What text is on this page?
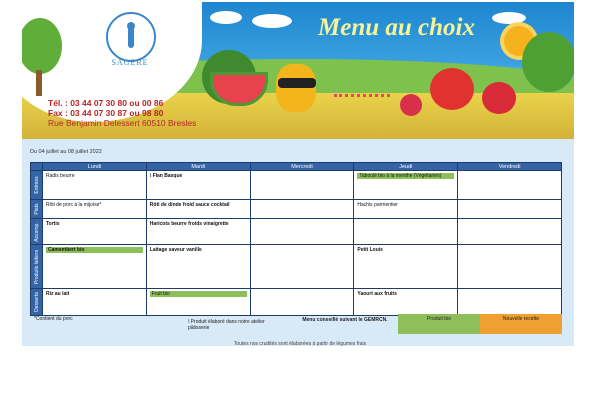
SAGERE
Menu au choix
Tél. : 03 44 07 30 80 ou 00 86
Fax : 03 44 07 30 87 ou 98 80
Rue Benjamin Delessert 60510 Bresles
Du 04 juillet au 08 juillet 2022
	Lundi	Mardi	Mercredi	Jeudi	Vendredi

Entrées	Radis beurre	\ Flan Basque		Taboulé bio à la menthe (Végétarien)	

Plats	Rôti de porc à la mijoise*	Rôti de dinde froid sauce cocktail		Hachis parmentier	

Accomp.	Tortis	Haricots beurre froids vinaigrette			

Produits laitiers	Camembert bio	Laitage saveur vanille		Petit Louis	

Desserts	Riz au lait	Fruit bio		Yaourt aux fruits	
*Contient du porc	\ Produit élaboré dans notre atelier pâtisserie
Menu conseillé suivant le GEMRCN.	Produit bio	Nouvelle recette
Toutes nos crudités sont élaborées à partir de légumes frais
